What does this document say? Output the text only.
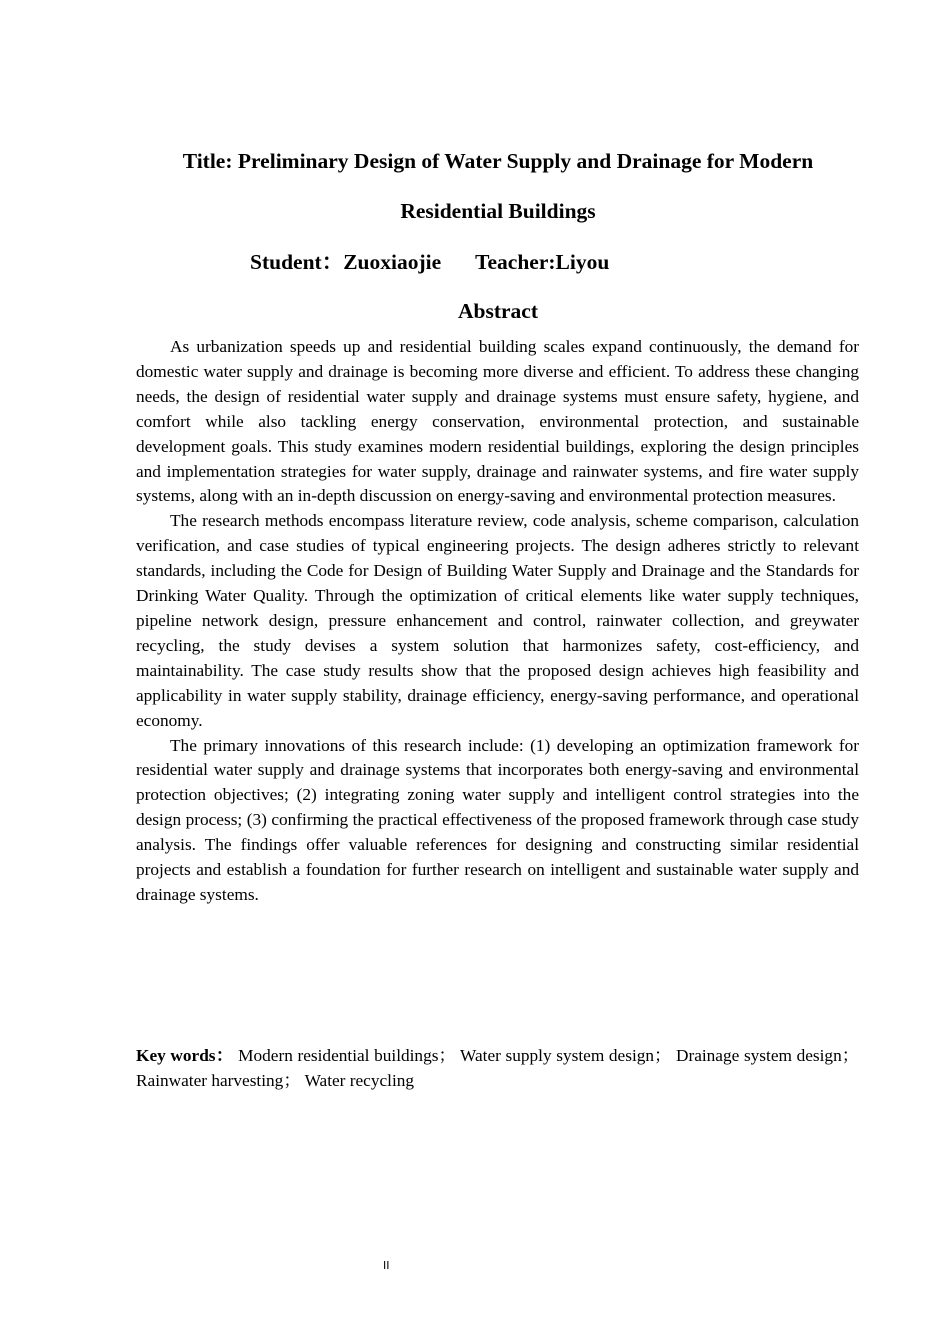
Title: Preliminary Design of Water Supply and Drainage for Modern
Residential Buildings
Student：Zuoxiaojie Teacher:Liyou
Abstract

As urbanization speeds up and residential building scales expand continuously, the demand for domestic water supply and drainage is becoming more diverse and efficient. To address these changing needs, the design of residential water supply and drainage systems must ensure safety, hygiene, and comfort while also tackling energy conservation, environmental protection, and sustainable development goals. This study examines modern residential buildings, exploring the design principles and implementation strategies for water supply, drainage and rainwater systems, and fire water supply systems, along with an in-depth discussion on energy-saving and environmental protection measures.

The research methods encompass literature review, code analysis, scheme comparison, calculation verification, and case studies of typical engineering projects. The design adheres strictly to relevant standards, including the Code for Design of Building Water Supply and Drainage and the Standards for Drinking Water Quality. Through the optimization of critical elements like water supply techniques, pipeline network design, pressure enhancement and control, rainwater collection, and greywater recycling, the study devises a system solution that harmonizes safety, cost-efficiency, and maintainability. The case study results show that the proposed design achieves high feasibility and applicability in water supply stability, drainage efficiency, energy-saving performance, and operational economy.

The primary innovations of this research include: (1) developing an optimization framework for residential water supply and drainage systems that incorporates both energy-saving and environmental protection objectives; (2) integrating zoning water supply and intelligent control strategies into the design process; (3) confirming the practical effectiveness of the proposed framework through case study analysis. The findings offer valuable references for designing and constructing similar residential projects and establish a foundation for further research on intelligent and sustainable water supply and drainage systems.

Key words： Modern residential buildings； Water supply system design； Drainage system design； Rainwater harvesting； Water recycling
II
